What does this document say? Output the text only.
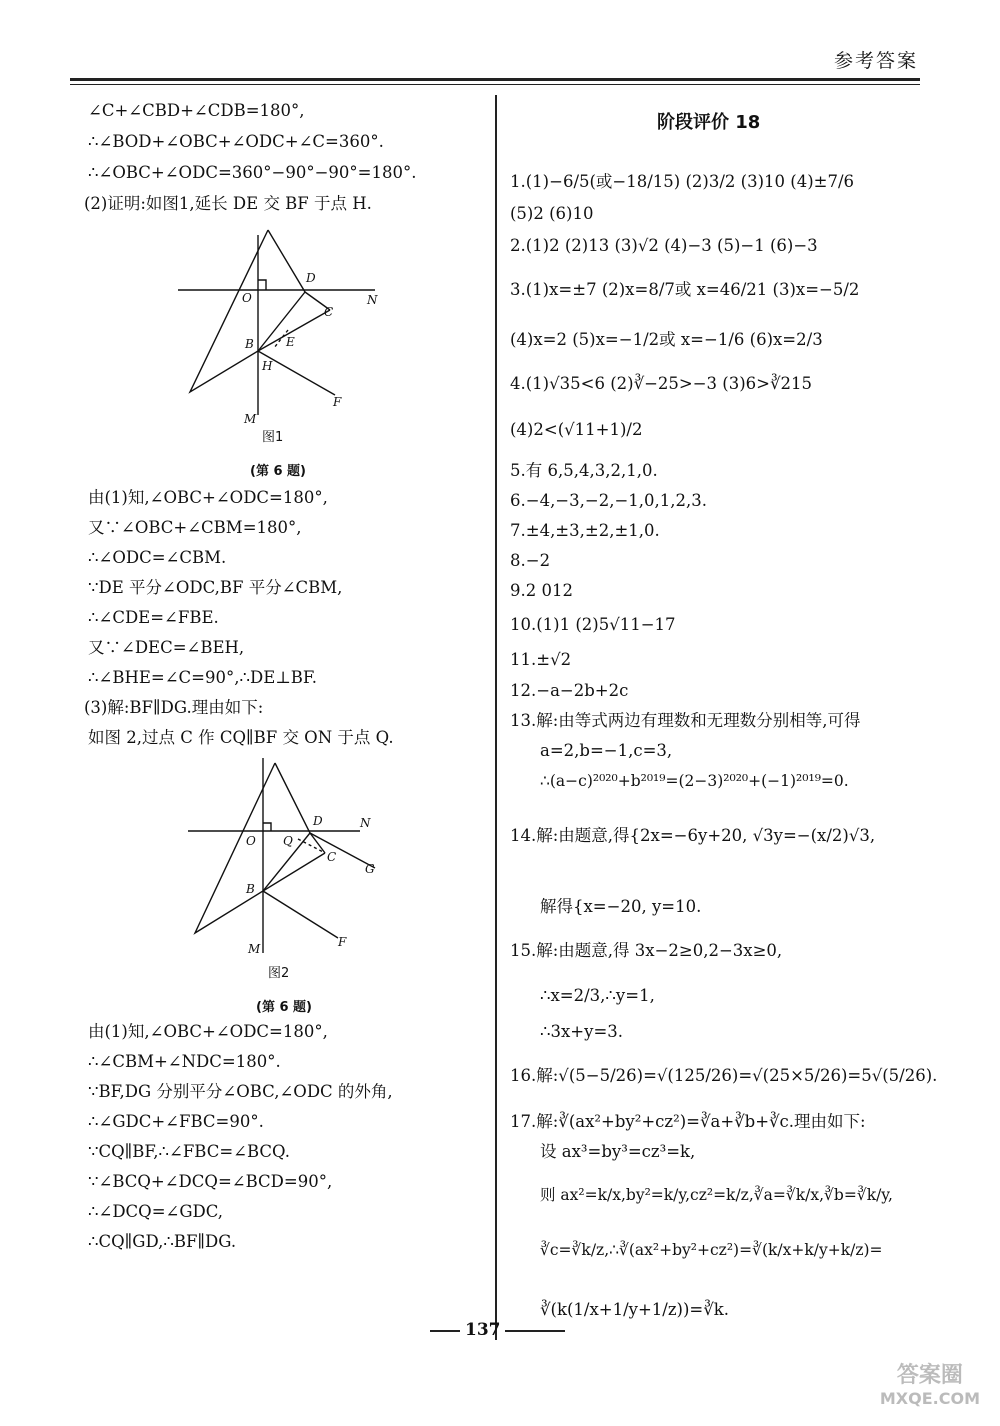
参考答案

∠C+∠CBD+∠CDB=180°,

∴∠BOD+∠OBC+∠ODC+∠C=360°.

∴∠OBC+∠ODC=360°−90°−90°=180°.

(2)证明:如图1,延长 DE 交 BF 于点 H.

由(1)知,∠OBC+∠ODC=180°,

又∵∠OBC+∠CBM=180°,

∴∠ODC=∠CBM.

∵DE 平分∠ODC,BF 平分∠CBM,

∴∠CDE=∠FBE.

又∵∠DEC=∠BEH,

∴∠BHE=∠C=90°,∴DE⊥BF.

(3)解:BF∥DG.理由如下:

如图 2,过点 C 作 CQ∥BF 交 ON 于点 Q.

由(1)知,∠OBC+∠ODC=180°,

∴∠CBM+∠NDC=180°.

∵BF,DG 分别平分∠OBC,∠ODC 的外角,

∴∠GDC+∠FBC=90°.

∵CQ∥BF,∴∠FBC=∠BCQ.

∵∠BCQ+∠DCQ=∠BCD=90°,

∴∠DCQ=∠GDC,

∴CQ∥GD,∴BF∥DG.

D
O	N
C
E
B
H
F
M
图1
(第 6 题)
D	N
O Q
C
G
B
F
M
图2
(第 6 题)
阶段评价 18

1.(1)−6/5(或−18/15) (2)3/2 (3)10 (4)±7/6

(5)2 (6)10

2.(1)2 (2)13 (3)√2 (4)−3 (5)−1 (6)−3

3.(1)x=±7 (2)x=8/7或 x=46/21 (3)x=−5/2

(4)x=2 (5)x=−1/2或 x=−1/6 (6)x=2/3

4.(1)√35<6 (2)∛−25>−3 (3)6>∛215

(4)2<(√11+1)/2

5.有 6,5,4,3,2,1,0.

6.−4,−3,−2,−1,0,1,2,3.

7.±4,±3,±2,±1,0.

8.−2

9.2 012

10.(1)1 (2)5√11−17

11.±√2

12.−a−2b+2c

13.解:由等式两边有理数和无理数分别相等,可得

a=2,b=−1,c=3,

∴(a−c)²⁰²⁰+b²⁰¹⁹=(2−3)²⁰²⁰+(−1)²⁰¹⁹=0.

14.解:由题意,得{2x=−6y+20, √3y=−(x/2)√3,

解得{x=−20, y=10.

15.解:由题意,得 3x−2≥0,2−3x≥0,

∴x=2/3,∴y=1,

∴3x+y=3.

16.解:√(5−5/26)=√(125/26)=√(25×5/26)=5√(5/26).

17.解:∛(ax²+by²+cz²)=∛a+∛b+∛c.理由如下:

设 ax³=by³=cz³=k,

则 ax²=k/x,by²=k/y,cz²=k/z,∛a=∛k/x,∛b=∛k/y,

∛c=∛k/z,∴∛(ax²+by²+cz²)=∛(k/x+k/y+k/z)=

∛(k(1/x+1/y+1/z))=∛k.

137
答案圈
MXQE.COM
